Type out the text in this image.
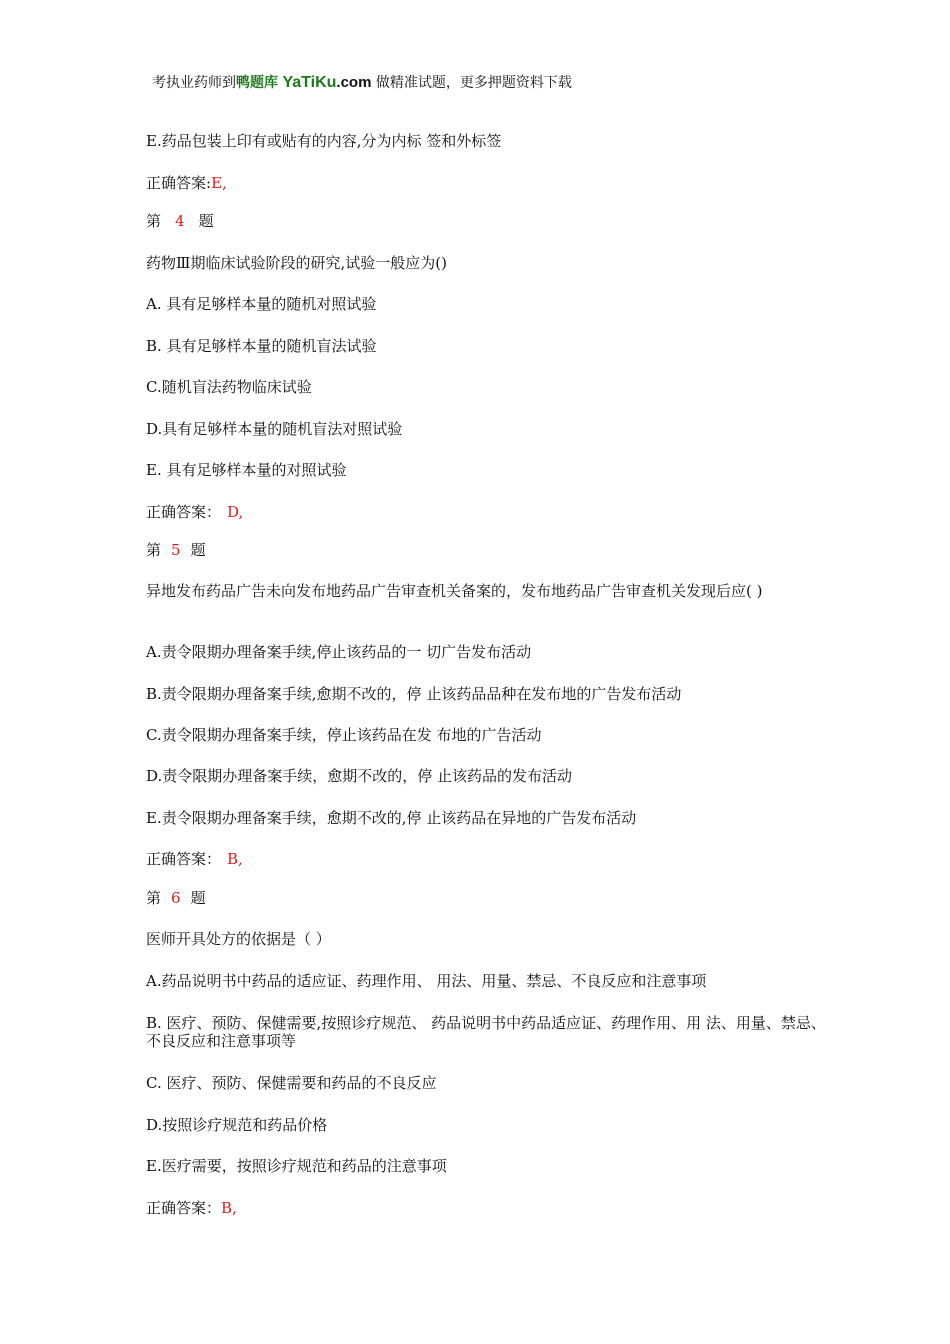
考执业药师到鸭题库 YaTiKu.com 做精准试题，更多押题资料下载
E.药品包装上印有或贴有的内容,分为内标 签和外标签
正确答案:E,
第 4 题
药物Ⅲ期临床试验阶段的研究,试验一般应为()
A. 具有足够样本量的随机对照试验
B. 具有足够样本量的随机盲法试验
C.随机盲法药物临床试验
D.具有足够样本量的随机盲法对照试验
E. 具有足够样本量的对照试验
正确答案： D,
第 5 题
异地发布药品广告未向发布地药品广告审查机关备案的，发布地药品广告审查机关发现后应( )
A.责令限期办理备案手续,停止该药品的一 切广告发布活动
B.责令限期办理备案手续,愈期不改的，停 止该药品品种在发布地的广告发布活动
C.责令限期办理备案手续，停止该药品在发 布地的广告活动
D.责令限期办理备案手续，愈期不改的，停 止该药品的发布活动
E.责令限期办理备案手续，愈期不改的,停 止该药品在异地的广告发布活动
正确答案： B,
第 6 题
医师开具处方的依据是（ ）
A.药品说明书中药品的适应证、药理作用、 用法、用量、禁忌、不良反应和注意事项
B. 医疗、预防、保健需要,按照诊疗规范、 药品说明书中药品适应证、药理作用、用 法、用量、禁忌、不良反应和注意事项等
C. 医疗、预防、保健需要和药品的不良反应
D.按照诊疗规范和药品价格
E.医疗需要，按照诊疗规范和药品的注意事项
正确答案：B,
